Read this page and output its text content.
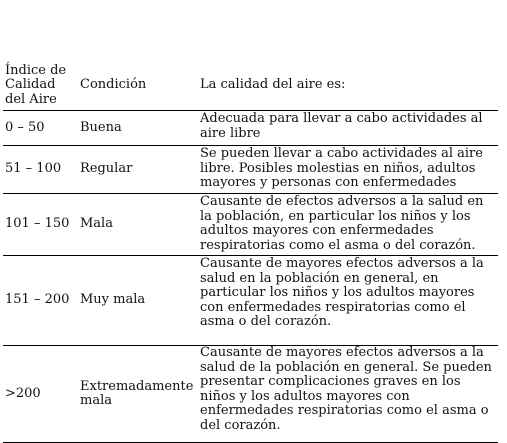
Índice de Calidad del Aire	Condición	La calidad del aire es:
0 – 50	Buena	Adecuada para llevar a cabo actividades al aire libre
51 – 100	Regular	Se pueden llevar a cabo actividades al aire libre. Posibles molestias en niños, adultos mayores y personas con enfermedades
101 – 150	Mala	Causante de efectos adversos a la salud en la población, en particular los niños y los adultos mayores con enfermedades respiratorias como el asma o del corazón.
151 – 200	Muy mala	Causante de mayores efectos adversos a la salud en la población en general, en particular los niños y los adultos mayores con enfermedades respiratorias como el asma o del corazón.
>200	Extremadamente mala	Causante de mayores efectos adversos a la salud de la población en general. Se pueden presentar complicaciones graves en los niños y los adultos mayores con enfermedades respiratorias como el asma o del corazón.
